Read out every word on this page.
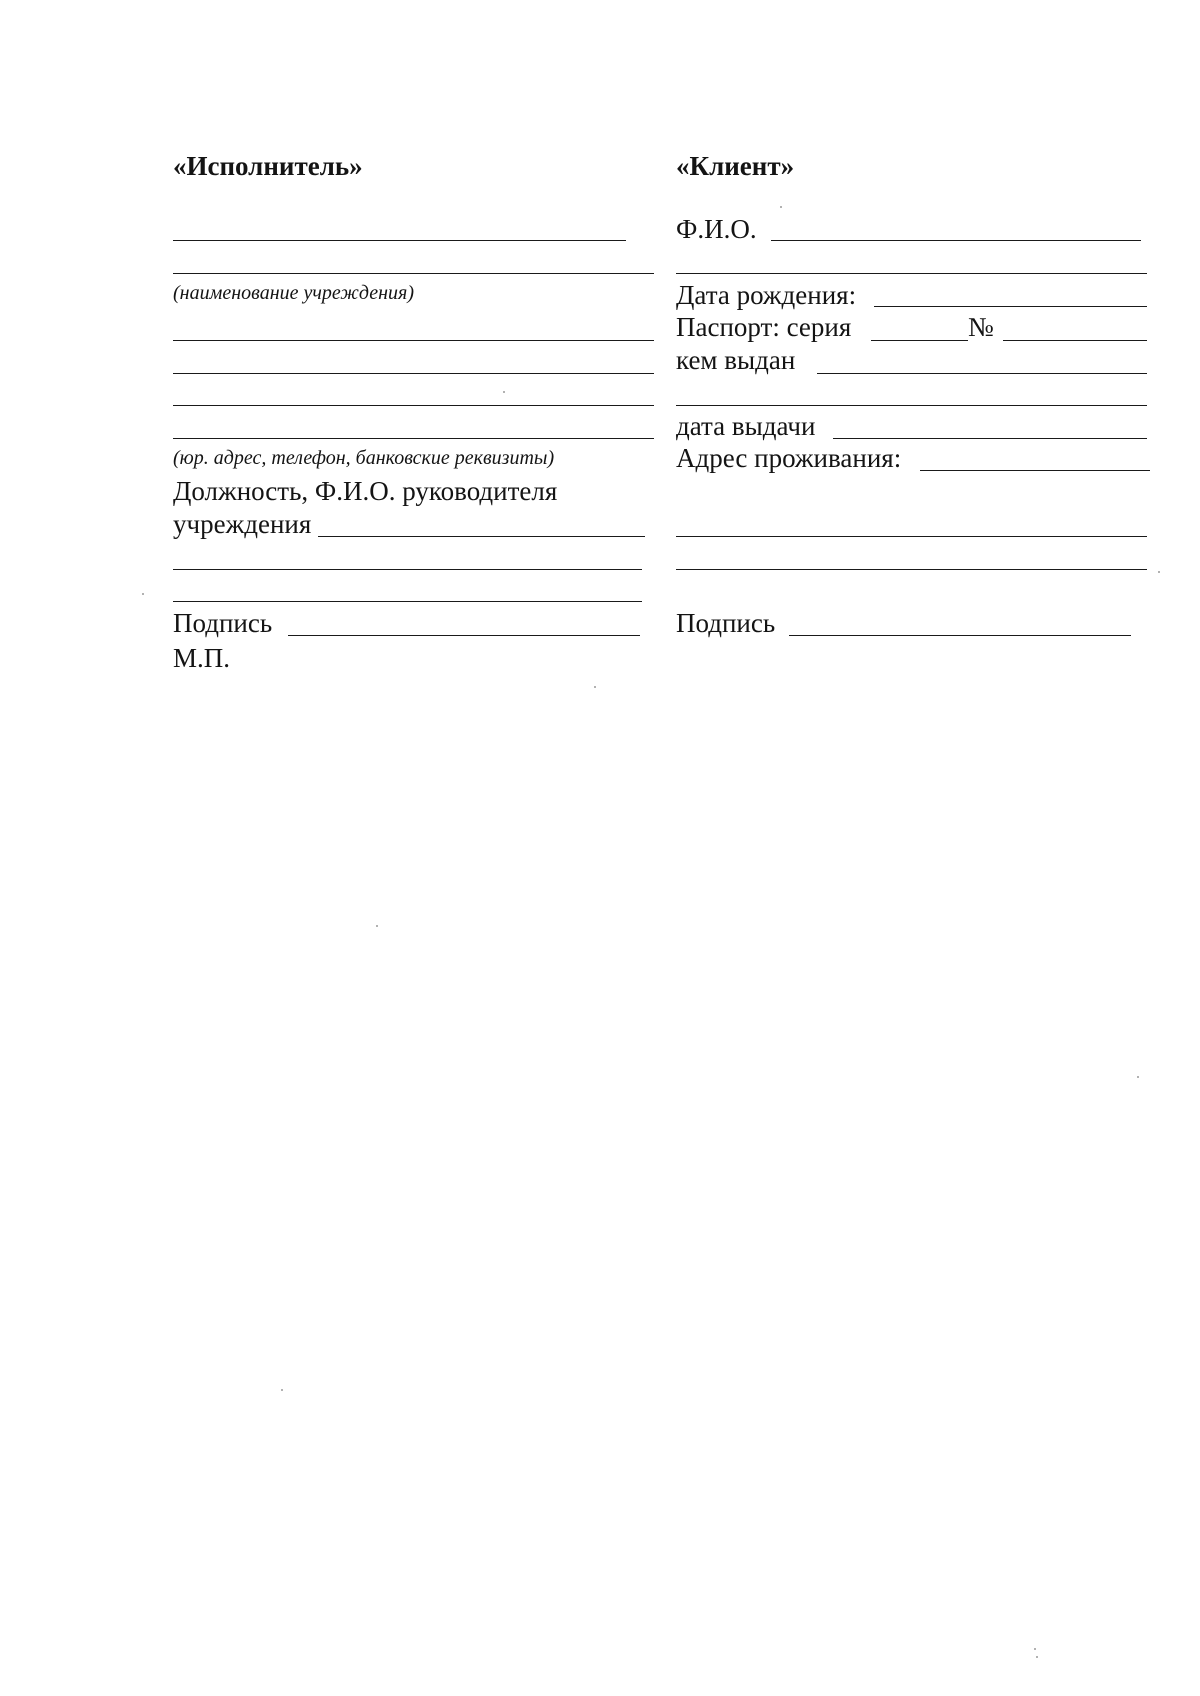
«Исполнитель»
(наименование учреждения)
(юр. адрес, телефон, банковские реквизиты)
Должность, Ф.И.О. руководителя
учреждения
Подпись
М.П.
«Клиент»
Ф.И.О.
Дата рождения:
Паспорт: серия	№
кем выдан
дата выдачи
Адрес проживания:
Подпись
